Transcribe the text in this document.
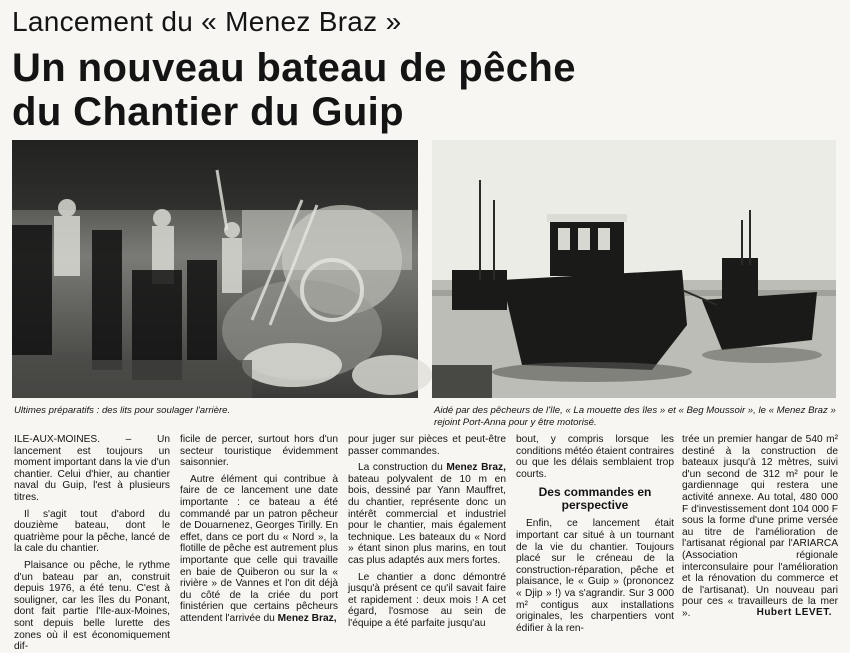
Lancement du « Menez Braz »
Un nouveau bateau de pêche
du Chantier du Guip
Ultimes préparatifs : des lits pour soulager l'arrière.	Aidé par des pêcheurs de l'île, « La mouette des îles » et « Beg Moussoir », le « Menez Braz » rejoint Port-Anna pour y être motorisé.

ILE-AUX-MOINES. – Un lancement est toujours un moment important dans la vie d'un chantier. Celui d'hier, au chantier naval du Guip, l'est à plusieurs titres.

Il s'agit tout d'abord du douzième bateau, dont le quatrième pour la pêche, lancé de la cale du chantier.

Plaisance ou pêche, le rythme d'un bateau par an, construit depuis 1976, a été tenu. C'est à souligner, car les îles du Ponant, dont fait partie l'Ile-aux-Moines, sont depuis belle lurette des zones où il est économiquement dif-

ficile de percer, surtout hors d'un secteur touristique évidemment saisonnier.

Autre élément qui contribue à faire de ce lancement une date importante : ce bateau a été commandé par un patron pêcheur de Douarnenez, Georges Tirilly. En effet, dans ce port du « Nord », la flotille de pêche est autrement plus importante que celle qui travaille en baie de Quiberon ou sur la « rivière » de Vannes et l'on dit déjà du côté de la criée du port finistérien que certains pêcheurs attendent l'arrivée du Menez Braz,

pour juger sur pièces et peut-être passer commandes.

La construction du Menez Braz, bateau polyvalent de 10 m en bois, dessiné par Yann Mauffret, du chantier, représente donc un intérêt commercial et industriel pour le chantier, mais également technique. Les bateaux du « Nord » étant sinon plus marins, en tout cas plus adaptés aux mers fortes.

Le chantier a donc démontré jusqu'à présent ce qu'il savait faire et rapidement : deux mois ! A cet égard, l'osmose au sein de l'équipe a été parfaite jusqu'au

bout, y compris lorsque les conditions météo étaient contraires ou que les délais semblaient trop courts.

Des commandes en perspective

Enfin, ce lancement était important car situé à un tournant de la vie du chantier. Toujours placé sur le créneau de la construction-réparation, pêche et plaisance, le « Guip » (prononcez « Djip » !) va s'agrandir. Sur 3 000 m² contigus aux installations originales, les charpentiers vont édifier à la ren-

trée un premier hangar de 540 m² destiné à la construction de bateaux jusqu'à 12 mètres, suivi d'un second de 312 m² pour le gardiennage qui restera une activité annexe. Au total, 480 000 F d'investissement dont 104 000 F sous la forme d'une prime versée au titre de l'amélioration de l'artisanat régional par l'ARIARCA (Association régionale interconsulaire pour l'amélioration et la rénovation du commerce et de l'artisanat). Un nouveau pari pour ces « travailleurs de la mer ».	Hubert LEVET.
